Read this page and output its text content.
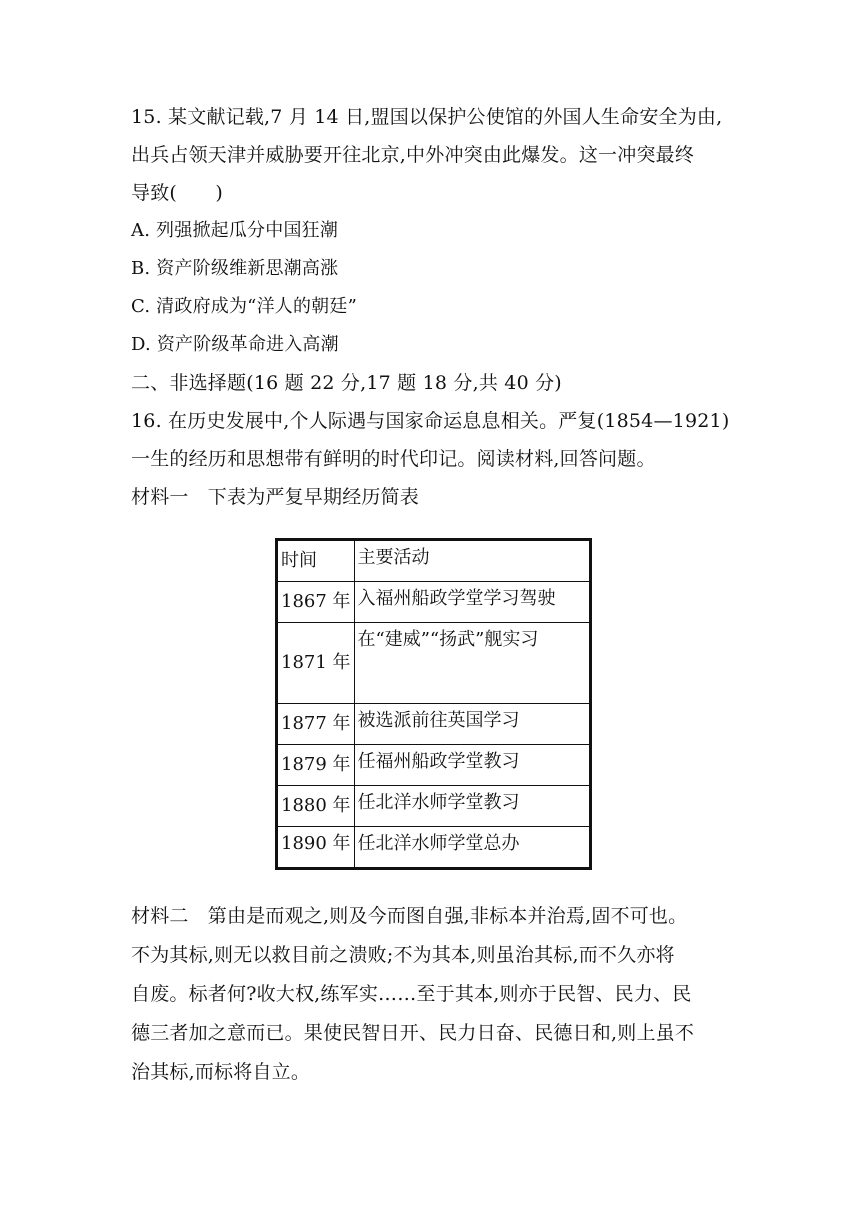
15. 某文献记载,7 月 14 日,盟国以保护公使馆的外国人生命安全为由,
出兵占领天津并威胁要开往北京,中外冲突由此爆发。这一冲突最终
导致(　　)
A. 列强掀起瓜分中国狂潮
B. 资产阶级维新思潮高涨
C. 清政府成为“洋人的朝廷”
D. 资产阶级革命进入高潮
二、非选择题(16 题 22 分,17 题 18 分,共 40 分)
16. 在历史发展中,个人际遇与国家命运息息相关。严复(1854—1921)
一生的经历和思想带有鲜明的时代印记。阅读材料,回答问题。
材料一　下表为严复早期经历简表
时间	主要活动
1867 年	入福州船政学堂学习驾驶
1871 年	在“建威”“扬武”舰实习
1877 年	被选派前往英国学习
1879 年	任福州船政学堂教习
1880 年	任北洋水师学堂教习
1890 年	任北洋水师学堂总办
材料二　第由是而观之,则及今而图自强,非标本并治焉,固不可也。
不为其标,则无以救目前之溃败;不为其本,则虽治其标,而不久亦将
自废。标者何?收大权,练军实……至于其本,则亦于民智、民力、民
德三者加之意而已。果使民智日开、民力日奋、民德日和,则上虽不
治其标,而标将自立。
